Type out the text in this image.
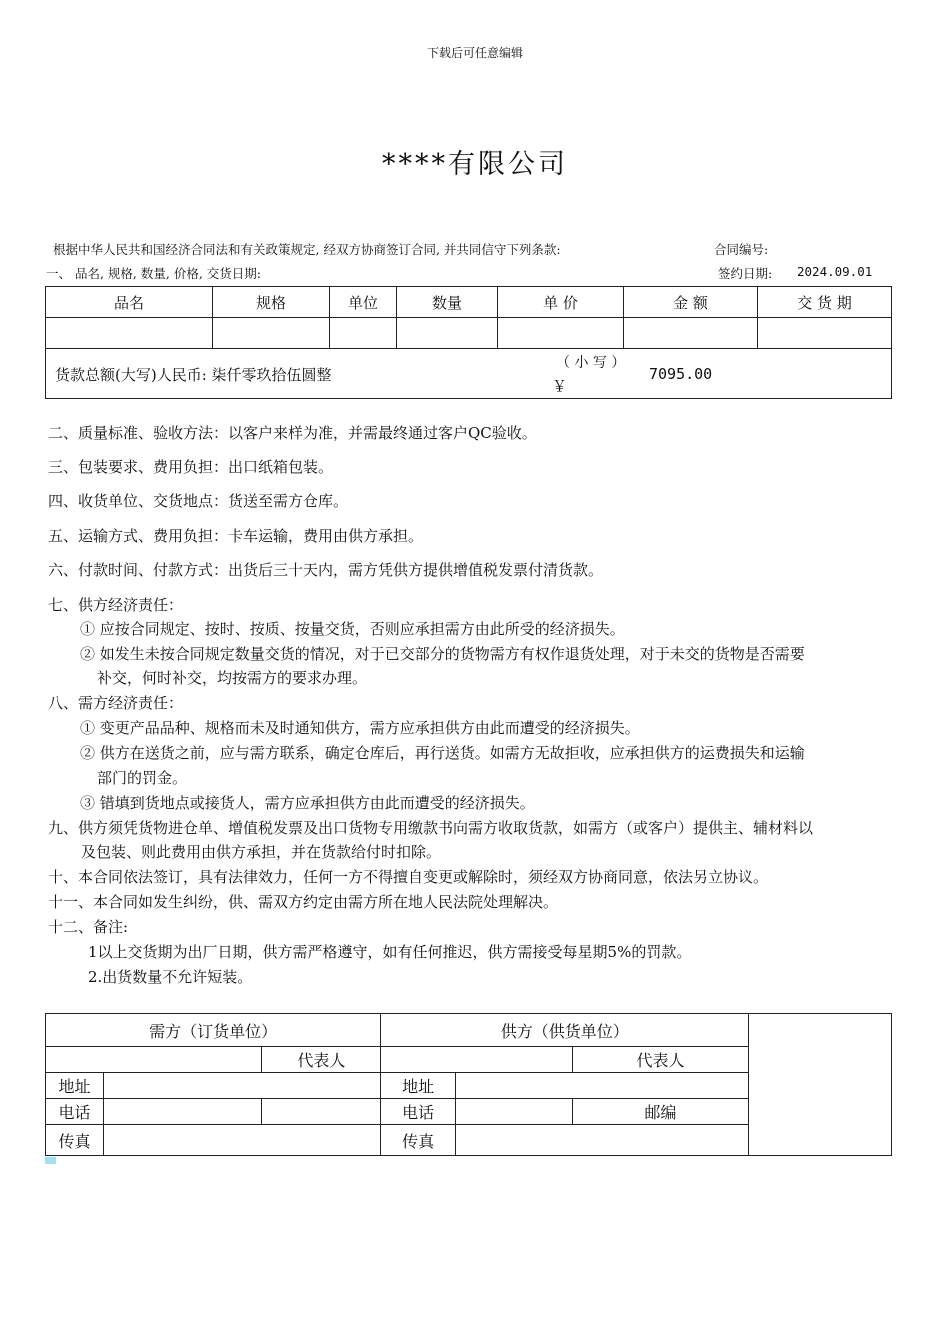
下载后可任意编辑
****有限公司
根据中华人民共和国经济合同法和有关政策规定, 经双方协商签订合同, 并共同信守下列条款:	合同编号:
一、 品名, 规格, 数量, 价格, 交货日期:	签约日期: 2024.09.01
品名	规格	单位	数量	单 价	金 额	交 货 期

货款总额(大写)人民币: 柒仟零玖拾伍圆整
（ 小 写 ）
￥
7095.00						
二、质量标准、验收方法：以客户来样为准，并需最终通过客户QC验收。
三、包装要求、费用负担：出口纸箱包装。
四、收货单位、交货地点：货送至需方仓库。
五、运输方式、费用负担：卡车运输，费用由供方承担。
六、付款时间、付款方式：出货后三十天内，需方凭供方提供增值税发票付清货款。
七、供方经济责任：
① 应按合同规定、按时、按质、按量交货，否则应承担需方由此所受的经济损失。
② 如发生未按合同规定数量交货的情况，对于已交部分的货物需方有权作退货处理，对于未交的货物是否需要
补交，何时补交，均按需方的要求办理。
八、需方经济责任：
① 变更产品品种、规格而未及时通知供方，需方应承担供方由此而遭受的经济损失。
② 供方在送货之前，应与需方联系，确定仓库后，再行送货。如需方无故拒收，应承担供方的运费损失和运输
部门的罚金。
③ 错填到货地点或接货人，需方应承担供方由此而遭受的经济损失。
九、供方须凭货物进仓单、增值税发票及出口货物专用缴款书向需方收取货款，如需方（或客户）提供主、辅材料以
及包装、则此费用由供方承担，并在货款给付时扣除。
十、本合同依法签订，具有法律效力，任何一方不得擅自变更或解除时，须经双方协商同意，依法另立协议。
十一、本合同如发生纠纷，供、需双方约定由需方所在地人民法院处理解决。
十二、备注:
1以上交货期为出厂日期，供方需严格遵守，如有任何推迟，供方需接受每星期5%的罚款。
2.出货数量不允许短装。
需方（订货单位）			供方（供货单位）			
		代表人			代表人	
地址			地址			
电话			电话		邮编	
传真			传真			
